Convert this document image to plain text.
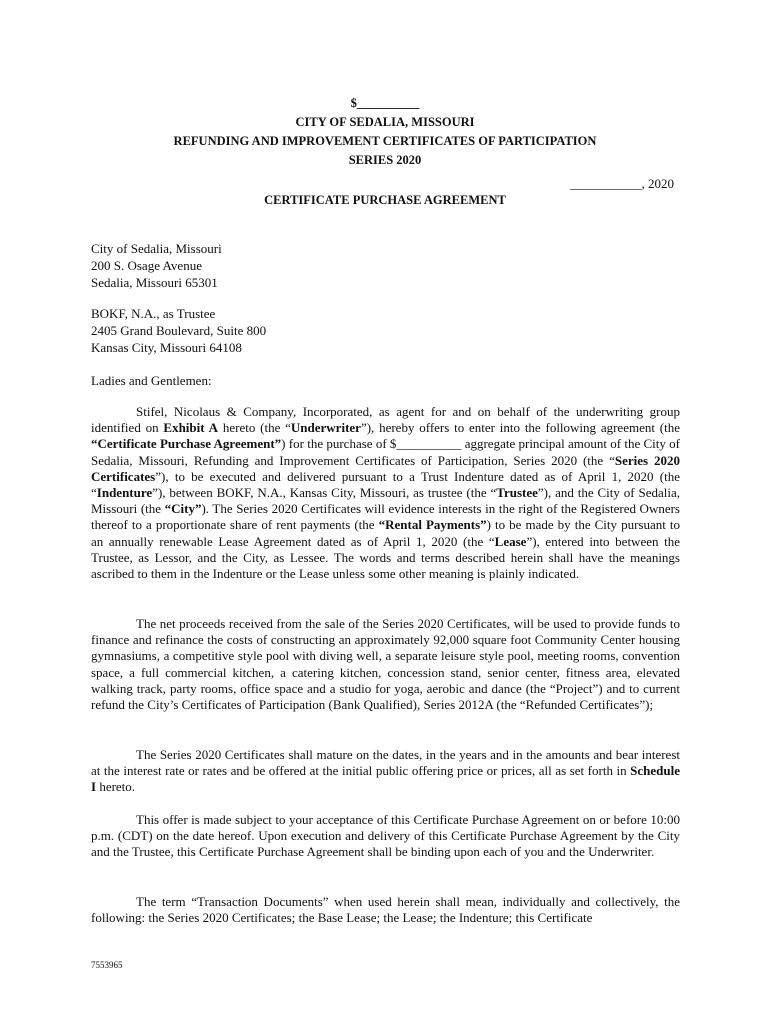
$__________
CITY OF SEDALIA, MISSOURI
REFUNDING AND IMPROVEMENT CERTIFICATES OF PARTICIPATION
SERIES 2020
___________, 2020
CERTIFICATE PURCHASE AGREEMENT
City of Sedalia, Missouri
200 S. Osage Avenue
Sedalia, Missouri 65301
BOKF, N.A., as Trustee
2405 Grand Boulevard, Suite 800
Kansas City, Missouri 64108
Ladies and Gentlemen:
Stifel, Nicolaus & Company, Incorporated, as agent for and on behalf of the underwriting group identified on Exhibit A hereto (the “Underwriter”), hereby offers to enter into the following agreement (the “Certificate Purchase Agreement”) for the purchase of $__________ aggregate principal amount of the City of Sedalia, Missouri, Refunding and Improvement Certificates of Participation, Series 2020 (the “Series 2020 Certificates”), to be executed and delivered pursuant to a Trust Indenture dated as of April 1, 2020 (the “Indenture”), between BOKF, N.A., Kansas City, Missouri, as trustee (the “Trustee”), and the City of Sedalia, Missouri (the “City”). The Series 2020 Certificates will evidence interests in the right of the Registered Owners thereof to a proportionate share of rent payments (the “Rental Payments”) to be made by the City pursuant to an annually renewable Lease Agreement dated as of April 1, 2020 (the “Lease”), entered into between the Trustee, as Lessor, and the City, as Lessee. The words and terms described herein shall have the meanings ascribed to them in the Indenture or the Lease unless some other meaning is plainly indicated.
The net proceeds received from the sale of the Series 2020 Certificates, will be used to provide funds to finance and refinance the costs of constructing an approximately 92,000 square foot Community Center housing gymnasiums, a competitive style pool with diving well, a separate leisure style pool, meeting rooms, convention space, a full commercial kitchen, a catering kitchen, concession stand, senior center, fitness area, elevated walking track, party rooms, office space and a studio for yoga, aerobic and dance (the “Project”) and to current refund the City’s Certificates of Participation (Bank Qualified), Series 2012A (the “Refunded Certificates”);
The Series 2020 Certificates shall mature on the dates, in the years and in the amounts and bear interest at the interest rate or rates and be offered at the initial public offering price or prices, all as set forth in Schedule I hereto.
This offer is made subject to your acceptance of this Certificate Purchase Agreement on or before 10:00 p.m. (CDT) on the date hereof. Upon execution and delivery of this Certificate Purchase Agreement by the City and the Trustee, this Certificate Purchase Agreement shall be binding upon each of you and the Underwriter.
The term “Transaction Documents” when used herein shall mean, individually and collectively, the following: the Series 2020 Certificates; the Base Lease; the Lease; the Indenture; this Certificate
7553965
